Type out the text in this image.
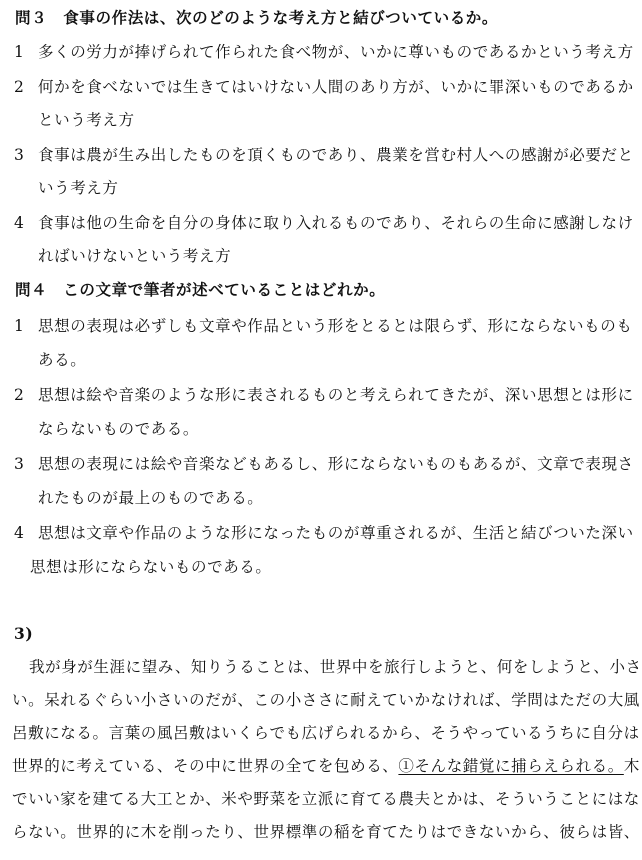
問３　食事の作法は、次のどのような考え方と結びついているか。
1 多くの労力が捧げられて作られた食べ物が、いかに尊いものであるかという考え方
2 何かを食べないでは生きてはいけない人間のあり方が、いかに罪深いものであるか
という考え方
3 食事は農が生み出したものを頂くものであり、農業を営む村人への感謝が必要だと
いう考え方
4 食事は他の生命を自分の身体に取り入れるものであり、それらの生命に感謝しなけ
ればいけないという考え方
問４　この文章で筆者が述べていることはどれか。
1 思想の表現は必ずしも文章や作品という形をとるとは限らず、形にならないものも
ある。
2 思想は絵や音楽のような形に表されるものと考えられてきたが、深い思想とは形に
ならないものである。
3 思想の表現には絵や音楽などもあるし、形にならないものもあるが、文章で表現さ
れたものが最上のものである。
4 思想は文章や作品のような形になったものが尊重されるが、生活と結びついた深い
思想は形にならないものである。
3)
我が身が生涯に望み、知りうることは、世界中を旅行しようと、何をしようと、小さ
い。呆れるぐらい小さいのだが、この小ささに耐えていかなければ、学問はただの大風
呂敷になる。言葉の風呂敷はいくらでも広げられるから、そうやっているうちに自分は
世界的に考えている、その中に世界の全てを包める、①そんな錯覚に捕らえられる。木
でいい家を建てる大工とか、米や野菜を立派に育てる農夫とかは、そういうことにはな
らない。世界的に木を削ったり、世界標準の稲を育てたりはできないから、彼らは皆、
